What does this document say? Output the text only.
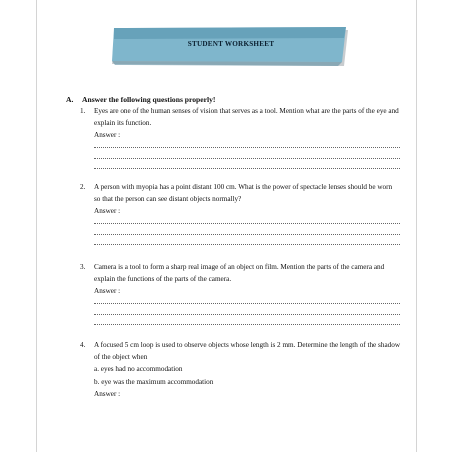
STUDENT WORKSHEET
A. Answer the following questions properly!
1.	Eyes are one of the human senses of vision that serves as a tool. Mention what are the parts of the eye and explain its function.
Answer :
2.	A person with myopia has a point distant 100 cm. What is the power of spectacle lenses should be worn so that the person can see distant objects normally?
Answer :
3.	Camera is a tool to form a sharp real image of an object on film. Mention the parts of the camera and explain the functions of the parts of the camera.
Answer :
4.	A focused 5 cm loop is used to observe objects whose length is 2 mm. Determine the length of the shadow of the object when
a. eyes had no accommodation
b. eye was the maximum accommodation
Answer :
